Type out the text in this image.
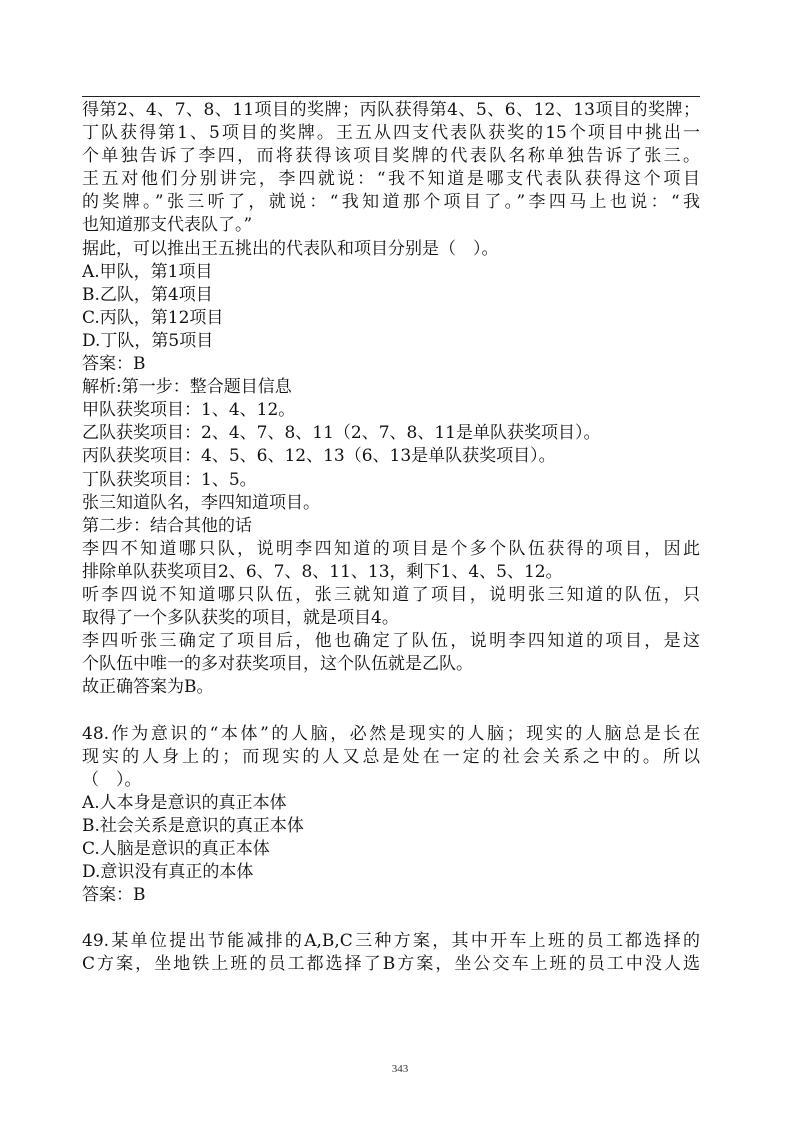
得第2、4、7、8、11项目的奖牌；丙队获得第4、5、6、12、13项目的奖牌；
丁队获得第1、5项目的奖牌。王五从四支代表队获奖的15个项目中挑出一
个单独告诉了李四，而将获得该项目奖牌的代表队名称单独告诉了张三。
王五对他们分别讲完，李四就说：“我不知道是哪支代表队获得这个项目
的奖牌。”张三听了，就说：“我知道那个项目了。”李四马上也说：“我
也知道那支代表队了。”
据此，可以推出王五挑出的代表队和项目分别是（　）。
A.甲队，第1项目
B.乙队，第4项目
C.丙队，第12项目
D.丁队，第5项目
答案：B
解析:第一步：整合题目信息
甲队获奖项目：1、4、12。
乙队获奖项目：2、4、7、8、11（2、7、8、11是单队获奖项目）。
丙队获奖项目：4、5、6、12、13（6、13是单队获奖项目）。
丁队获奖项目：1、5。
张三知道队名，李四知道项目。
第二步：结合其他的话
李四不知道哪只队，说明李四知道的项目是个多个队伍获得的项目，因此
排除单队获奖项目2、6、7、8、11、13，剩下1、4、5、12。
听李四说不知道哪只队伍，张三就知道了项目，说明张三知道的队伍，只
取得了一个多队获奖的项目，就是项目4。
李四听张三确定了项目后，他也确定了队伍，说明李四知道的项目，是这
个队伍中唯一的多对获奖项目，这个队伍就是乙队。
故正确答案为B。
48.作为意识的“本体”的人脑，必然是现实的人脑；现实的人脑总是长在
现实的人身上的；而现实的人又总是处在一定的社会关系之中的。所以
（　）。
A.人本身是意识的真正本体
B.社会关系是意识的真正本体
C.人脑是意识的真正本体
D.意识没有真正的本体
答案：B
49.某单位提出节能减排的A,B,C三种方案，其中开车上班的员工都选择的
C方案，坐地铁上班的员工都选择了B方案，坐公交车上班的员工中没人选
343
